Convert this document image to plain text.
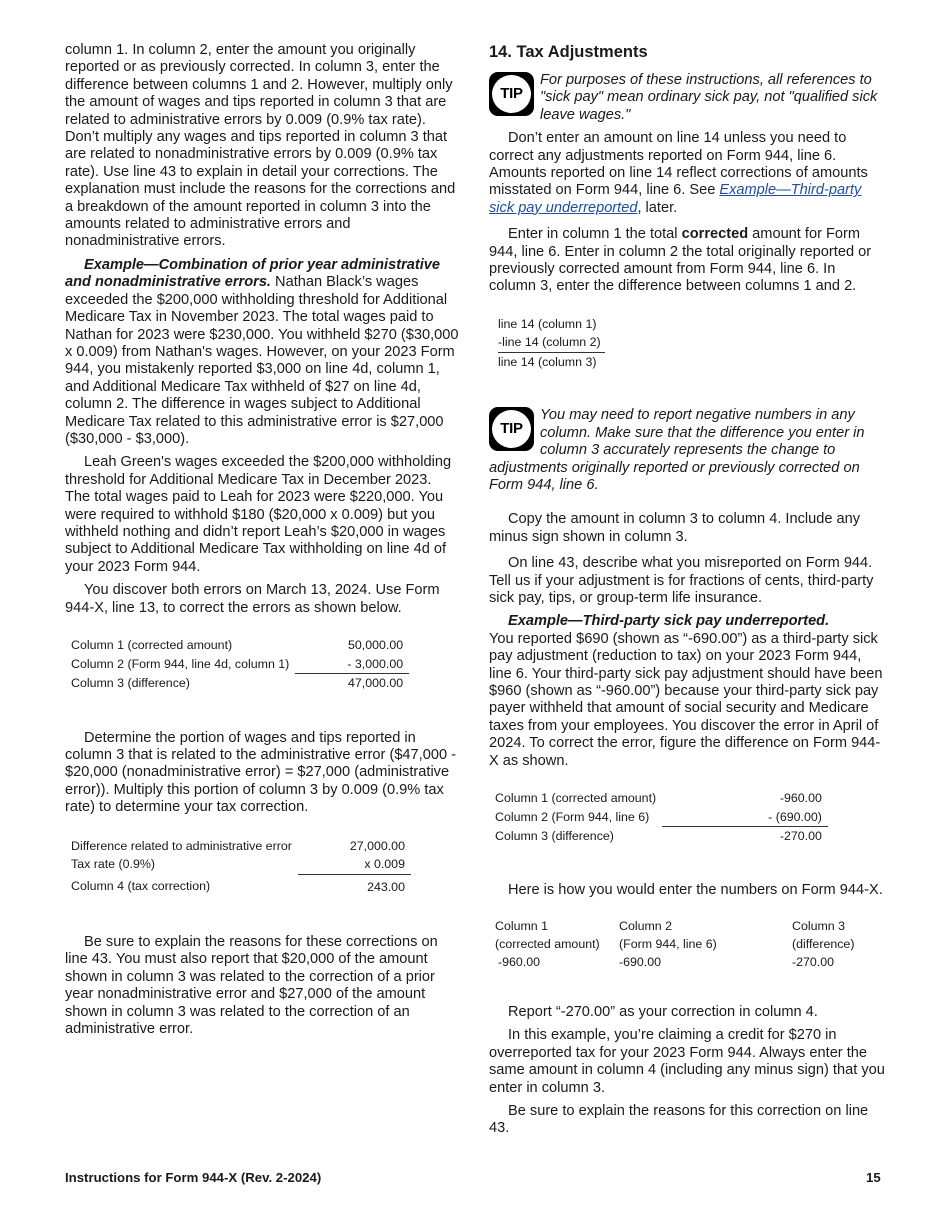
column 1. In column 2, enter the amount you originally reported or as previously corrected. In column 3, enter the difference between columns 1 and 2. However, multiply only the amount of wages and tips reported in column 3 that are related to administrative errors by 0.009 (0.9% tax rate). Don’t multiply any wages and tips reported in column 3 that are related to nonadministrative errors by 0.009 (0.9% tax rate). Use line 43 to explain in detail your corrections. The explanation must include the reasons for the corrections and a breakdown of the amount reported in column 3 into the amounts related to administrative errors and nonadministrative errors.

Example—Combination of prior year administrative and nonadministrative errors. Nathan Black’s wages exceeded the $200,000 withholding threshold for Additional Medicare Tax in November 2023. The total wages paid to Nathan for 2023 were $230,000. You withheld $270 ($30,000 x 0.009) from Nathan's wages. However, on your 2023 Form 944, you mistakenly reported $3,000 on line 4d, column 1, and Additional Medicare Tax withheld of $27 on line 4d, column 2. The difference in wages subject to Additional Medicare Tax related to this administrative error is $27,000 ($30,000 - $3,000).

Leah Green's wages exceeded the $200,000 withholding threshold for Additional Medicare Tax in December 2023. The total wages paid to Leah for 2023 were $220,000. You were required to withhold $180 ($20,000 x 0.009) but you withheld nothing and didn’t report Leah’s $20,000 in wages subject to Additional Medicare Tax withholding on line 4d of your 2023 Form 944.

You discover both errors on March 13, 2024. Use Form 944-X, line 13, to correct the errors as shown below.

Column 1 (corrected amount)	50,000.00
Column 2 (Form 944, line 4d, column 1)	- 3,000.00
Column 3 (difference)	47,000.00

Determine the portion of wages and tips reported in column 3 that is related to the administrative error ($47,000 - $20,000 (nonadministrative error) = $27,000 (administrative error)). Multiply this portion of column 3 by 0.009 (0.9% tax rate) to determine your tax correction.

Difference related to administrative error	27,000.00
Tax rate (0.9%)	x 0.009
Column 4 (tax correction)	243.00

Be sure to explain the reasons for these corrections on line 43. You must also report that $20,000 of the amount shown in column 3 was related to the correction of a prior year nonadministrative error and $27,000 of the amount shown in column 3 was related to the correction of an administrative error.

14. Tax Adjustments
TIP

For purposes of these instructions, all references to "sick pay" mean ordinary sick pay, not "qualified sick leave wages."

Don’t enter an amount on line 14 unless you need to correct any adjustments reported on Form 944, line 6. Amounts reported on line 14 reflect corrections of amounts misstated on Form 944, line 6. See Example—Third-party sick pay underreported, later.

Enter in column 1 the total corrected amount for Form 944, line 6. Enter in column 2 the total originally reported or previously corrected amount from Form 944, line 6. In column 3, enter the difference between columns 1 and 2.

line 14 (column 1)
-line 14 (column 2)
line 14 (column 3)
TIP

You may need to report negative numbers in any column. Make sure that the difference you enter in column 3 accurately represents the change to adjustments originally reported or previously corrected on Form 944, line 6.

Copy the amount in column 3 to column 4. Include any minus sign shown in column 3.

On line 43, describe what you misreported on Form 944. Tell us if your adjustment is for fractions of cents, third-party sick pay, tips, or group-term life insurance.

Example—Third-party sick pay underreported.
You reported $690 (shown as “-690.00”) as a third-party sick pay adjustment (reduction to tax) on your 2023 Form 944, line 6. Your third-party sick pay adjustment should have been $960 (shown as “-960.00”) because your third-party sick pay payer withheld that amount of social security and Medicare taxes from your employees. You discover the error in April of 2024. To correct the error, figure the difference on Form 944-X as shown.

Column 1 (corrected amount)	-960.00
Column 2 (Form 944, line 6)	- (690.00)
Column 3 (difference)	-270.00

Here is how you would enter the numbers on Form 944-X.

Column 1	Column 2	Column 3
(corrected amount)	(Form 944, line 6)	(difference)
-960.00	-690.00	-270.00

Report “-270.00” as your correction in column 4.

In this example, you’re claiming a credit for $270 in overreported tax for your 2023 Form 944. Always enter the same amount in column 4 (including any minus sign) that you enter in column 3.

Be sure to explain the reasons for this correction on line 43.

Instructions for Form 944-X (Rev. 2-2024)	15
